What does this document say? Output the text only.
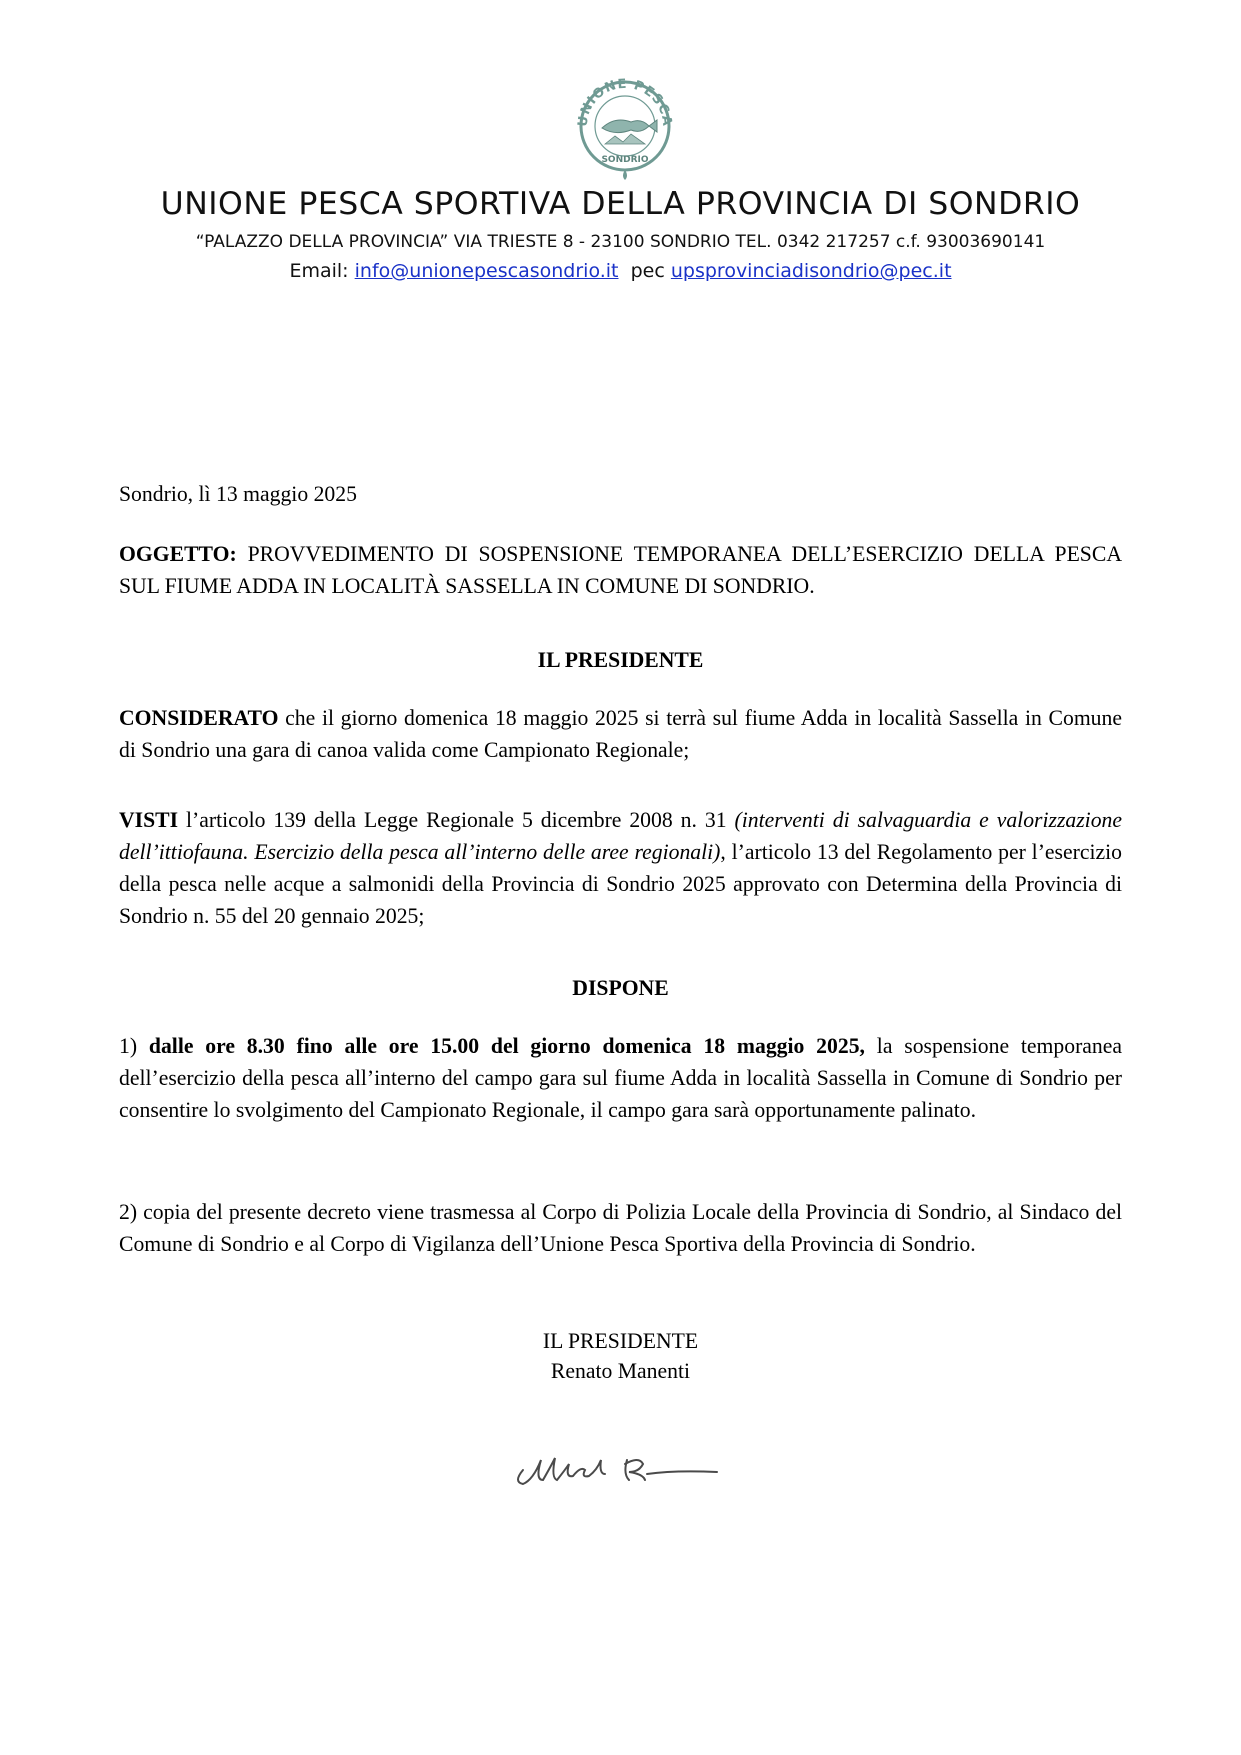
UNIONE PESCA
SONDRIO
UNIONE PESCA SPORTIVA DELLA PROVINCIA DI SONDRIO
“PALAZZO DELLA PROVINCIA” VIA TRIESTE 8 - 23100 SONDRIO TEL. 0342 217257 c.f. 93003690141
Email: info@unionepescasondrio.it pec upsprovinciadisondrio@pec.it

Sondrio, lì 13 maggio 2025

OGGETTO: PROVVEDIMENTO DI SOSPENSIONE TEMPORANEA DELL’ESERCIZIO DELLA PESCA SUL FIUME ADDA IN LOCALITÀ SASSELLA IN COMUNE DI SONDRIO.

IL PRESIDENTE

CONSIDERATO che il giorno domenica 18 maggio 2025 si terrà sul fiume Adda in località Sassella in Comune di Sondrio una gara di canoa valida come Campionato Regionale;

VISTI l’articolo 139 della Legge Regionale 5 dicembre 2008 n. 31 (interventi di salvaguardia e valorizzazione dell’ittiofauna. Esercizio della pesca all’interno delle aree regionali), l’articolo 13 del Regolamento per l’esercizio della pesca nelle acque a salmonidi della Provincia di Sondrio 2025 approvato con Determina della Provincia di Sondrio n. 55 del 20 gennaio 2025;

DISPONE

1) dalle ore 8.30 fino alle ore 15.00 del giorno domenica 18 maggio 2025, la sospensione temporanea dell’esercizio della pesca all’interno del campo gara sul fiume Adda in località Sassella in Comune di Sondrio per consentire lo svolgimento del Campionato Regionale, il campo gara sarà opportunamente palinato.

2) copia del presente decreto viene trasmessa al Corpo di Polizia Locale della Provincia di Sondrio, al Sindaco del Comune di Sondrio e al Corpo di Vigilanza dell’Unione Pesca Sportiva della Provincia di Sondrio.

IL PRESIDENTE
Renato Manenti
